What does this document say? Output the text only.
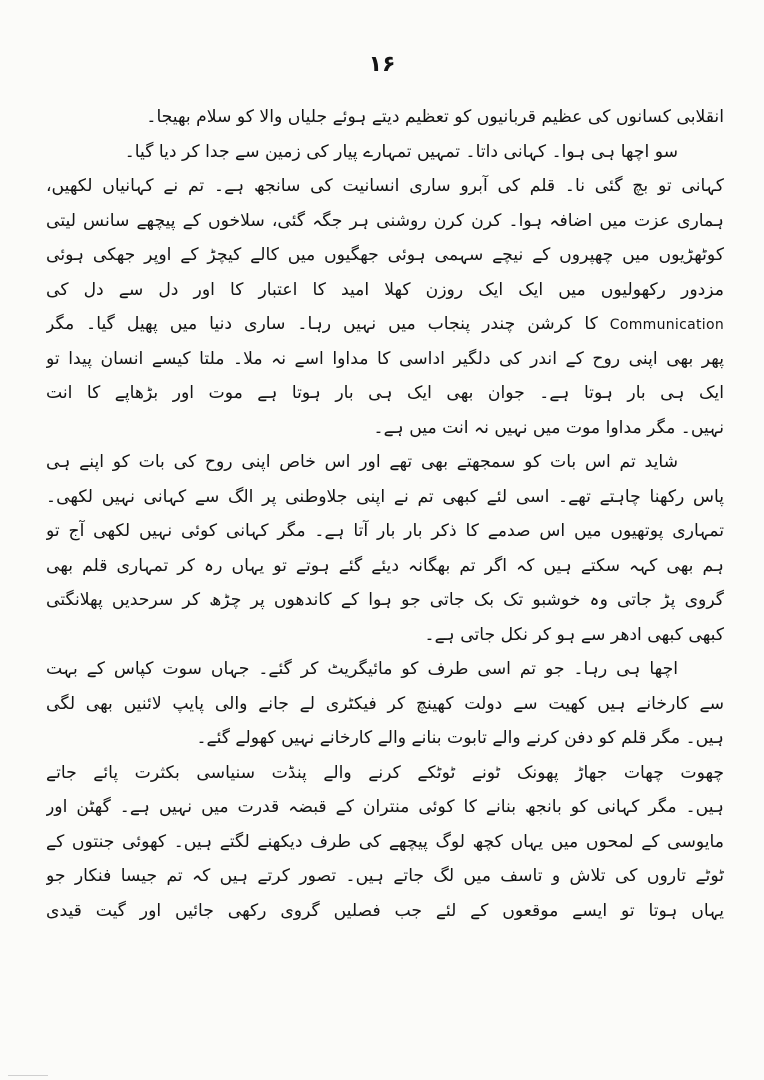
۱۶
انقلابی کسانوں کی عظیم قربانیوں کو تعظیم دیتے ہوئے جلیاں والا کو سلام بھیجا۔
سو اچھا ہی ہوا۔ کہانی داتا۔ تمہیں تمہارے پیار کی زمین سے جدا کر دیا گیا۔
کہانی تو بچ گئی نا۔ قلم کی آبرو ساری انسانیت کی سانجھ ہے۔ تم نے کہانیاں لکھیں،
ہماری عزت میں اضافہ ہوا۔ کرن کرن روشنی ہر جگہ گئی، سلاخوں کے پیچھے سانس لیتی
کوٹھڑیوں میں چھپروں کے نیچے سہمی ہوئی جھگیوں میں کالے کیچڑ کے اوپر جھکی ہوئی
مزدور رکھولیوں میں ایک ایک روزن کھلا امید کا اعتبار کا اور دل سے دل کی
Communication کا کرشن چندر پنجاب میں نہیں رہا۔ ساری دنیا میں پھیل گیا۔ مگر
پھر بھی اپنی روح کے اندر کی دلگیر اداسی کا مداوا اسے نہ ملا۔ ملتا کیسے انسان پیدا تو
ایک ہی بار ہوتا ہے۔ جوان بھی ایک ہی بار ہوتا ہے موت اور بڑھاپے کا انت
نہیں۔ مگر مداوا موت میں نہیں نہ انت میں ہے۔
شاید تم اس بات کو سمجھتے بھی تھے اور اس خاص اپنی روح کی بات کو اپنے ہی
پاس رکھنا چاہتے تھے۔ اسی لئے کبھی تم نے اپنی جلاوطنی پر الگ سے کہانی نہیں لکھی۔
تمہاری پوتھیوں میں اس صدمے کا ذکر بار بار آتا ہے۔ مگر کہانی کوئی نہیں لکھی آج تو
ہم بھی کہہ سکتے ہیں کہ اگر تم بھگانہ دیئے گئے ہوتے تو یہاں رہ کر تمہاری قلم بھی
گروی پڑ جاتی وہ خوشبو تک بک جاتی جو ہوا کے کاندھوں پر چڑھ کر سرحدیں پھلانگتی
کبھی کبھی ادھر سے ہو کر نکل جاتی ہے۔
اچھا ہی رہا۔ جو تم اسی طرف کو مائیگریٹ کر گئے۔ جہاں سوت کپاس کے بہت
سے کارخانے ہیں کھیت سے دولت کھینچ کر فیکٹری لے جانے والی پایپ لائنیں بھی لگی
ہیں۔ مگر قلم کو دفن کرنے والے تابوت بنانے والے کارخانے نہیں کھولے گئے۔
چھوت چھات جھاڑ پھونک ٹونے ٹوٹکے کرنے والے پنڈت سنیاسی بکثرت پائے جاتے
ہیں۔ مگر کہانی کو بانجھ بنانے کا کوئی منتران کے قبضہ قدرت میں نہیں ہے۔ گھٹن اور
مایوسی کے لمحوں میں یہاں کچھ لوگ پیچھے کی طرف دیکھنے لگتے ہیں۔ کھوئی جنتوں کے
ٹوٹے تاروں کی تلاش و تاسف میں لگ جاتے ہیں۔ تصور کرتے ہیں کہ تم جیسا فنکار جو
یہاں ہوتا تو ایسے موقعوں کے لئے جب فصلیں گروی رکھی جائیں اور گیت قیدی
